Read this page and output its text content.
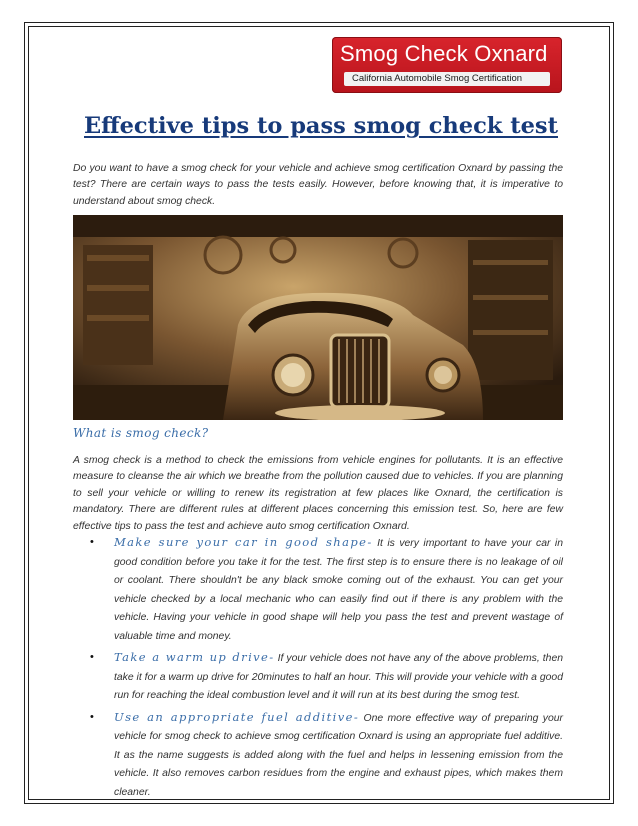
Smog Check Oxnard
California Automobile Smog Certification
Effective tips to pass smog check test

Do you want to have a smog check for your vehicle and achieve smog certification Oxnard by passing the test? There are certain ways to pass the tests easily. However, before knowing that, it is imperative to understand about smog check.

What is smog check?

A smog check is a method to check the emissions from vehicle engines for pollutants. It is an effective measure to cleanse the air which we breathe from the pollution caused due to vehicles. If you are planning to sell your vehicle or willing to renew its registration at few places like Oxnard, the certification is mandatory. There are different rules at different places concerning this emission test. So, here are few effective tips to pass the test and achieve auto smog certification Oxnard.

• Make sure your car in good shape- It is very important to have your car in good condition before you take it for the test. The first step is to ensure there is no leakage of oil or coolant. There shouldn't be any black smoke coming out of the exhaust. You can get your vehicle checked by a local mechanic who can easily find out if there is any problem with the vehicle. Having your vehicle in good shape will help you pass the test and prevent wastage of valuable time and money.
• Take a warm up drive- If your vehicle does not have any of the above problems, then take it for a warm up drive for 20minutes to half an hour. This will provide your vehicle with a good run for reaching the ideal combustion level and it will run at its best during the smog test.
• Use an appropriate fuel additive- One more effective way of preparing your vehicle for smog check to achieve smog certification Oxnard is using an appropriate fuel additive. It as the name suggests is added along with the fuel and helps in lessening emission from the vehicle. It also removes carbon residues from the engine and exhaust pipes, which makes them cleaner.
